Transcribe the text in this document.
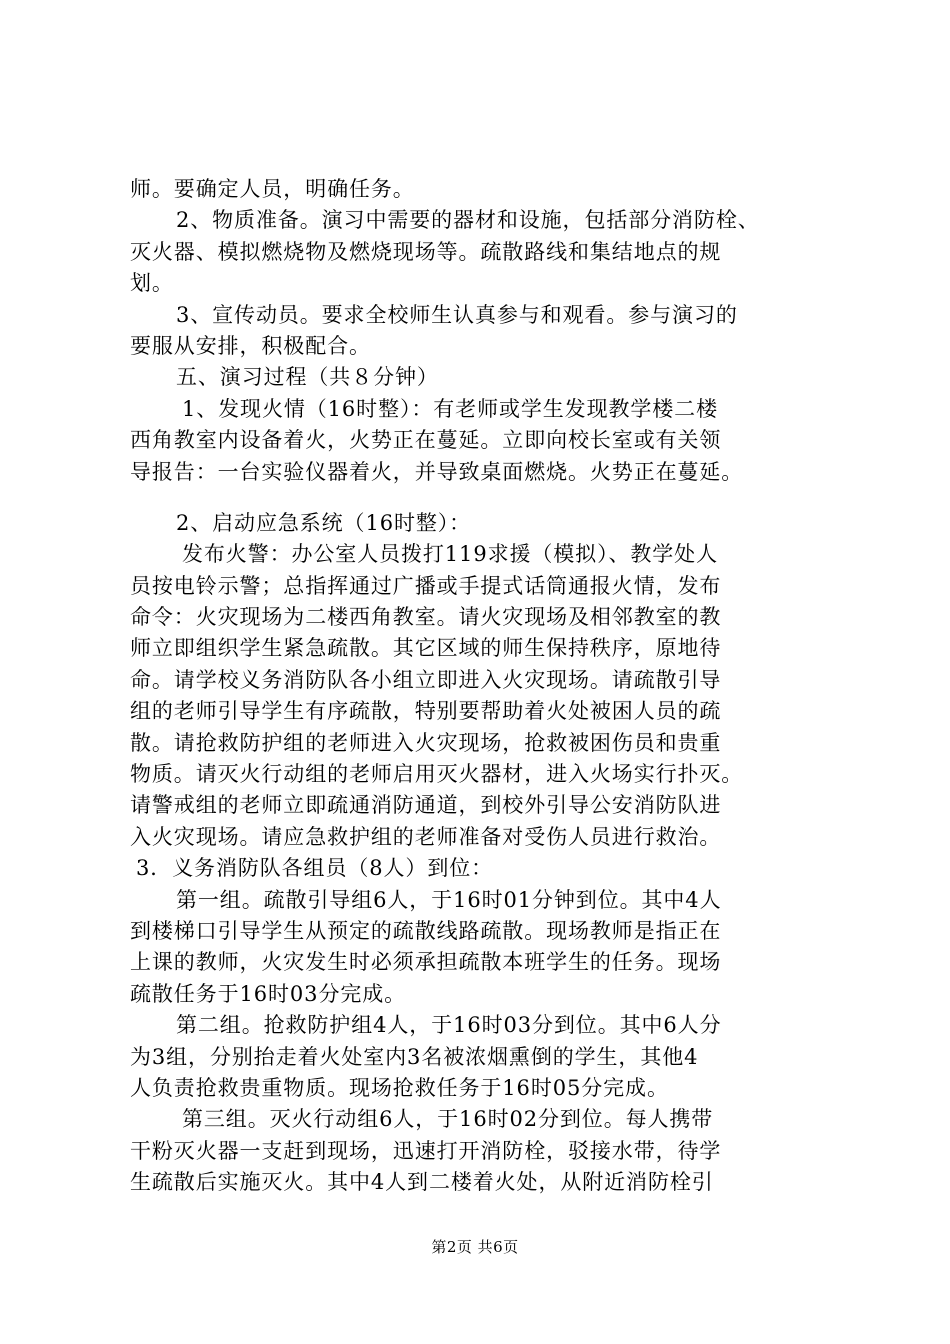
师。要确定人员，明确任务。
2、物质准备。演习中需要的器材和设施，包括部分消防栓、
灭火器、模拟燃烧物及燃烧现场等。疏散路线和集结地点的规
划。
3、宣传动员。要求全校师生认真参与和观看。参与演习的
要服从安排，积极配合。
五、演习过程（共８分钟）
1、发现火情（16时整）：有老师或学生发现教学楼二楼
西角教室内设备着火，火势正在蔓延。立即向校长室或有关领
导报告：一台实验仪器着火，并导致桌面燃烧。火势正在蔓延。
2、启动应急系统（16时整）：
发布火警：办公室人员拨打119求援（模拟）、教学处人
员按电铃示警；总指挥通过广播或手提式话筒通报火情，发布
命令：火灾现场为二楼西角教室。请火灾现场及相邻教室的教
师立即组织学生紧急疏散。其它区域的师生保持秩序，原地待
命。请学校义务消防队各小组立即进入火灾现场。请疏散引导
组的老师引导学生有序疏散，特别要帮助着火处被困人员的疏
散。请抢救防护组的老师进入火灾现场，抢救被困伤员和贵重
物质。请灭火行动组的老师启用灭火器材，进入火场实行扑灭。
请警戒组的老师立即疏通消防通道，到校外引导公安消防队进
入火灾现场。请应急救护组的老师准备对受伤人员进行救治。
3．义务消防队各组员（8人）到位：
第一组。疏散引导组6人，于16时01分钟到位。其中4人
到楼梯口引导学生从预定的疏散线路疏散。现场教师是指正在
上课的教师，火灾发生时必须承担疏散本班学生的任务。现场
疏散任务于16时03分完成。
第二组。抢救防护组4人，于16时03分到位。其中6人分
为3组，分别抬走着火处室内3名被浓烟熏倒的学生，其他4
人负责抢救贵重物质。现场抢救任务于16时05分完成。
第三组。灭火行动组6人，于16时02分到位。每人携带
干粉灭火器一支赶到现场，迅速打开消防栓，驳接水带，待学
生疏散后实施灭火。其中4人到二楼着火处，从附近消防栓引
第2页 共6页
